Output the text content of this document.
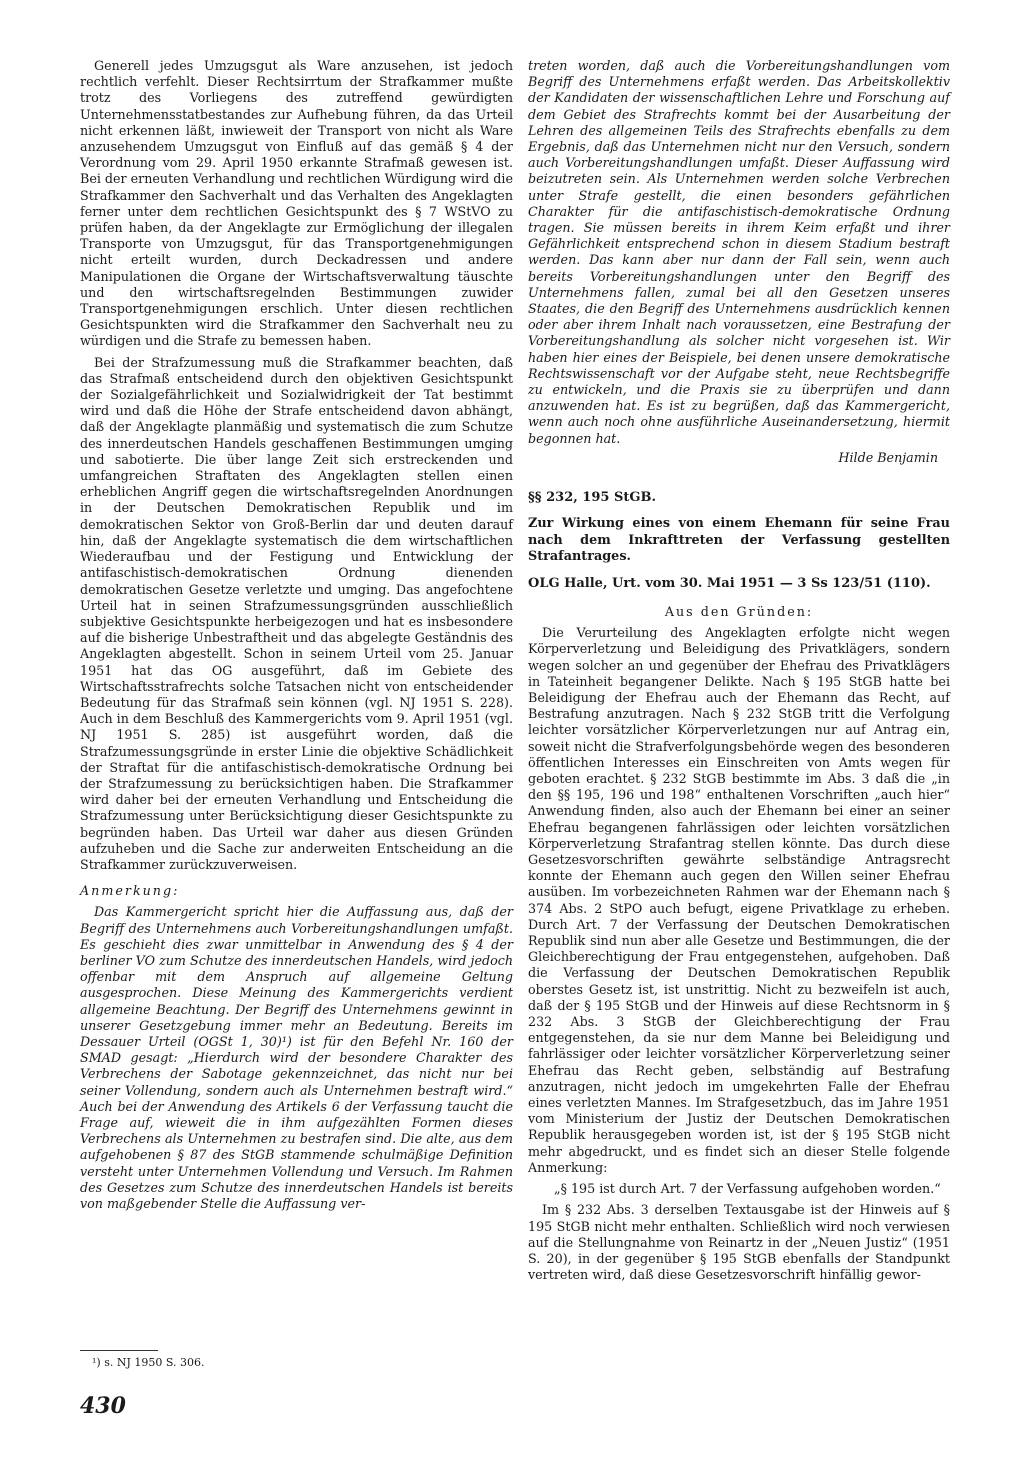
Generell jedes Umzugsgut als Ware anzusehen, ist jedoch rechtlich verfehlt. Dieser Rechtsirrtum der Strafkammer mußte trotz des Vorliegens des zutreffend gewürdigten Unternehmensstatbestandes zur Aufhebung führen, da das Urteil nicht erkennen läßt, inwieweit der Transport von nicht als Ware anzusehendem Umzugsgut von Einfluß auf das gemäß § 4 der Verordnung vom 29. April 1950 erkannte Strafmaß gewesen ist. Bei der erneuten Verhandlung und rechtlichen Würdigung wird die Strafkammer den Sachverhalt und das Verhalten des Angeklagten ferner unter dem rechtlichen Gesichtspunkt des § 7 WStVO zu prüfen haben, da der Angeklagte zur Ermöglichung der illegalen Transporte von Umzugsgut, für das Transportgenehmigungen nicht erteilt wurden, durch Deckadressen und andere Manipulationen die Organe der Wirtschaftsverwaltung täuschte und den wirtschaftsregelnden Bestimmungen zuwider Transportgenehmigungen erschlich. Unter diesen rechtlichen Gesichtspunkten wird die Strafkammer den Sachverhalt neu zu würdigen und die Strafe zu bemessen haben.

Bei der Strafzumessung muß die Strafkammer beachten, daß das Strafmaß entscheidend durch den objektiven Gesichtspunkt der Sozialgefährlichkeit und Sozialwidrigkeit der Tat bestimmt wird und daß die Höhe der Strafe entscheidend davon abhängt, daß der Angeklagte planmäßig und systematisch die zum Schutze des innerdeutschen Handels geschaffenen Bestimmungen umging und sabotierte. Die über lange Zeit sich erstreckenden und umfangreichen Straftaten des Angeklagten stellen einen erheblichen Angriff gegen die wirtschaftsregelnden Anordnungen in der Deutschen Demokratischen Republik und im demokratischen Sektor von Groß-Berlin dar und deuten darauf hin, daß der Angeklagte systematisch die dem wirtschaftlichen Wiederaufbau und der Festigung und Entwicklung der antifaschistisch-demokratischen Ordnung dienenden demokratischen Gesetze verletzte und umging. Das angefochtene Urteil hat in seinen Strafzumessungsgründen ausschließlich subjektive Gesichtspunkte herbeigezogen und hat es insbesondere auf die bisherige Unbestraftheit und das abgelegte Geständnis des Angeklagten abgestellt. Schon in seinem Urteil vom 25. Januar 1951 hat das OG ausgeführt, daß im Gebiete des Wirtschaftsstrafrechts solche Tatsachen nicht von entscheidender Bedeutung für das Strafmaß sein können (vgl. NJ 1951 S. 228). Auch in dem Beschluß des Kammergerichts vom 9. April 1951 (vgl. NJ 1951 S. 285) ist ausgeführt worden, daß die Strafzumessungsgründe in erster Linie die objektive Schädlichkeit der Straftat für die antifaschistisch-demokratische Ordnung bei der Strafzumessung zu berücksichtigen haben. Die Strafkammer wird daher bei der erneuten Verhandlung und Entscheidung die Strafzumessung unter Berücksichtigung dieser Gesichtspunkte zu begründen haben. Das Urteil war daher aus diesen Gründen aufzuheben und die Sache zur anderweiten Entscheidung an die Strafkammer zurückzuverweisen.

Anmerkung:

Das Kammergericht spricht hier die Auffassung aus, daß der Begriff des Unternehmens auch Vorbereitungshandlungen umfaßt. Es geschieht dies zwar unmittelbar in Anwendung des § 4 der berliner VO zum Schutze des innerdeutschen Handels, wird jedoch offenbar mit dem Anspruch auf allgemeine Geltung ausgesprochen. Diese Meinung des Kammergerichts verdient allgemeine Beachtung. Der Begriff des Unternehmens gewinnt in unserer Gesetzgebung immer mehr an Bedeutung. Bereits im Dessauer Urteil (OGSt 1, 30)¹) ist für den Befehl Nr. 160 der SMAD gesagt: „Hierdurch wird der besondere Charakter des Verbrechens der Sabotage gekennzeichnet, das nicht nur bei seiner Vollendung, sondern auch als Unternehmen bestraft wird.“ Auch bei der Anwendung des Artikels 6 der Verfassung taucht die Frage auf, wieweit die in ihm aufgezählten Formen dieses Verbrechens als Unternehmen zu bestrafen sind. Die alte, aus dem aufgehobenen § 87 des StGB stammende schulmäßige Definition versteht unter Unternehmen Vollendung und Versuch. Im Rahmen des Gesetzes zum Schutze des innerdeutschen Handels ist bereits von maßgebender Stelle die Auffassung ver-

treten worden, daß auch die Vorbereitungshandlungen vom Begriff des Unternehmens erfaßt werden. Das Arbeitskollektiv der Kandidaten der wissenschaftlichen Lehre und Forschung auf dem Gebiet des Strafrechts kommt bei der Ausarbeitung der Lehren des allgemeinen Teils des Strafrechts ebenfalls zu dem Ergebnis, daß das Unternehmen nicht nur den Versuch, sondern auch Vorbereitungshandlungen umfaßt. Dieser Auffassung wird beizutreten sein. Als Unternehmen werden solche Verbrechen unter Strafe gestellt, die einen besonders gefährlichen Charakter für die antifaschistisch-demokratische Ordnung tragen. Sie müssen bereits in ihrem Keim erfaßt und ihrer Gefährlichkeit entsprechend schon in diesem Stadium bestraft werden. Das kann aber nur dann der Fall sein, wenn auch bereits Vorbereitungshandlungen unter den Begriff des Unternehmens fallen, zumal bei all den Gesetzen unseres Staates, die den Begriff des Unternehmens ausdrücklich kennen oder aber ihrem Inhalt nach voraussetzen, eine Bestrafung der Vorbereitungshandlung als solcher nicht vorgesehen ist. Wir haben hier eines der Beispiele, bei denen unsere demokratische Rechtswissenschaft vor der Aufgabe steht, neue Rechtsbegriffe zu entwickeln, und die Praxis sie zu überprüfen und dann anzuwenden hat. Es ist zu begrüßen, daß das Kammergericht, wenn auch noch ohne ausführliche Auseinandersetzung, hiermit begonnen hat.

Hilde Benjamin

§§ 232, 195 StGB.

Zur Wirkung eines von einem Ehemann für seine Frau nach dem Inkrafttreten der Verfassung gestellten Strafantrages.

OLG Halle, Urt. vom 30. Mai 1951 — 3 Ss 123/51 (110).

Aus den Gründen:

Die Verurteilung des Angeklagten erfolgte nicht wegen Körperverletzung und Beleidigung des Privatklägers, sondern wegen solcher an und gegenüber der Ehefrau des Privatklägers in Tateinheit begangener Delikte. Nach § 195 StGB hatte bei Beleidigung der Ehefrau auch der Ehemann das Recht, auf Bestrafung anzutragen. Nach § 232 StGB tritt die Verfolgung leichter vorsätzlicher Körperverletzungen nur auf Antrag ein, soweit nicht die Strafverfolgungsbehörde wegen des besonderen öffentlichen Interesses ein Einschreiten von Amts wegen für geboten erachtet. § 232 StGB bestimmte im Abs. 3 daß die „in den §§ 195, 196 und 198“ enthaltenen Vorschriften „auch hier“ Anwendung finden, also auch der Ehemann bei einer an seiner Ehefrau begangenen fahrlässigen oder leichten vorsätzlichen Körperverletzung Strafantrag stellen könnte. Das durch diese Gesetzesvorschriften gewährte selbständige Antragsrecht konnte der Ehemann auch gegen den Willen seiner Ehefrau ausüben. Im vorbezeichneten Rahmen war der Ehemann nach § 374 Abs. 2 StPO auch befugt, eigene Privatklage zu erheben. Durch Art. 7 der Verfassung der Deutschen Demokratischen Republik sind nun aber alle Gesetze und Bestimmungen, die der Gleichberechtigung der Frau entgegenstehen, aufgehoben. Daß die Verfassung der Deutschen Demokratischen Republik oberstes Gesetz ist, ist unstrittig. Nicht zu bezweifeln ist auch, daß der § 195 StGB und der Hinweis auf diese Rechtsnorm in § 232 Abs. 3 StGB der Gleichberechtigung der Frau entgegenstehen, da sie nur dem Manne bei Beleidigung und fahrlässiger oder leichter vorsätzlicher Körperverletzung seiner Ehefrau das Recht geben, selbständig auf Bestrafung anzutragen, nicht jedoch im umgekehrten Falle der Ehefrau eines verletzten Mannes. Im Strafgesetzbuch, das im Jahre 1951 vom Ministerium der Justiz der Deutschen Demokratischen Republik herausgegeben worden ist, ist der § 195 StGB nicht mehr abgedruckt, und es findet sich an dieser Stelle folgende Anmerkung:

„§ 195 ist durch Art. 7 der Verfassung aufgehoben worden.“

Im § 232 Abs. 3 derselben Textausgabe ist der Hinweis auf § 195 StGB nicht mehr enthalten. Schließlich wird noch verwiesen auf die Stellungnahme von Reinartz in der „Neuen Justiz“ (1951 S. 20), in der gegenüber § 195 StGB ebenfalls der Standpunkt vertreten wird, daß diese Gesetzesvorschrift hinfällig gewor-

¹) s. NJ 1950 S. 306.
430
